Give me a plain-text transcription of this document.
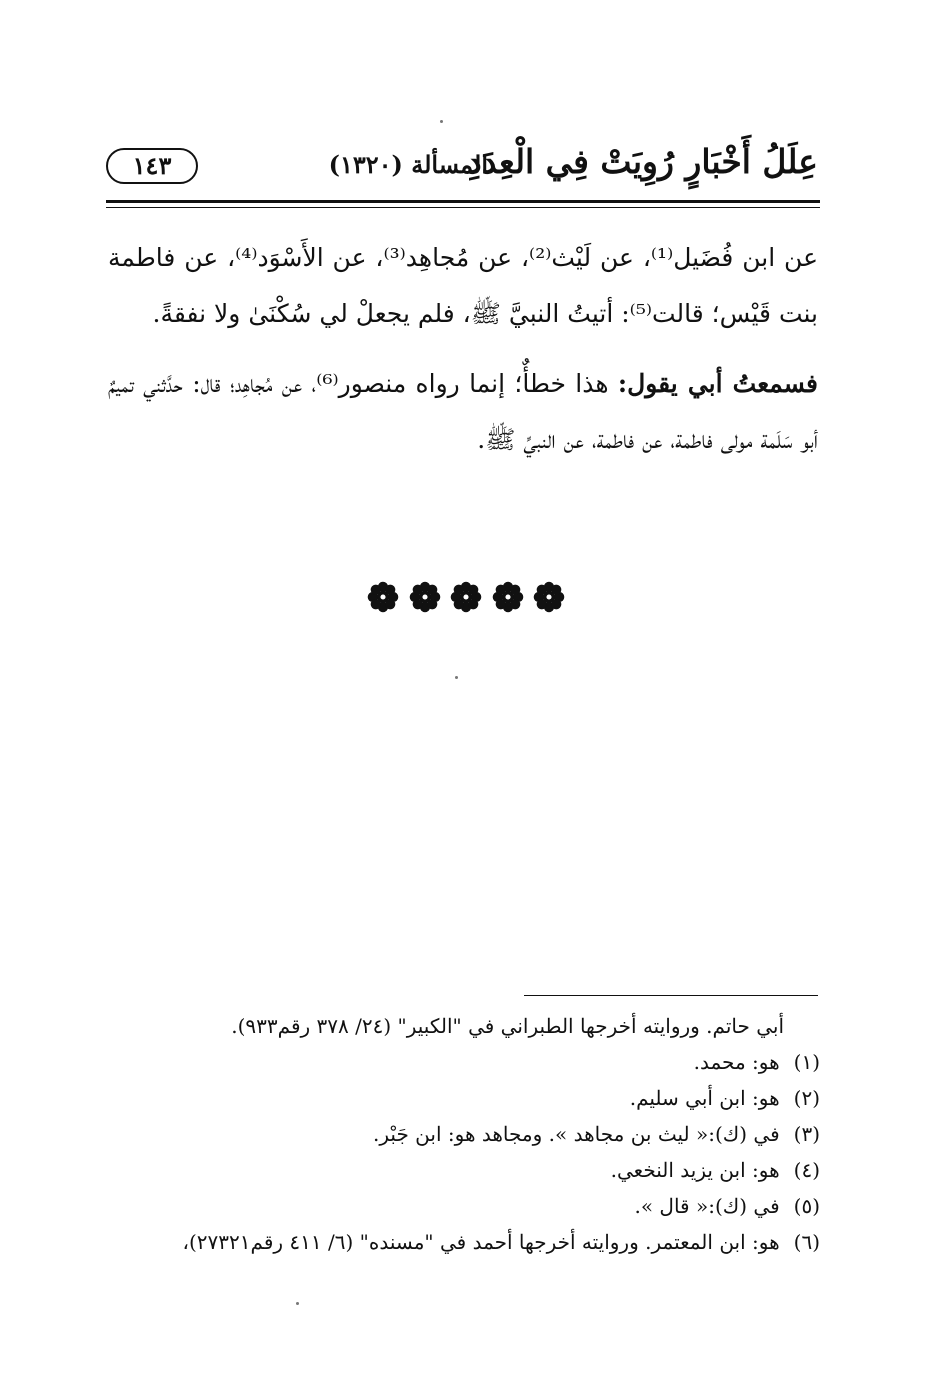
عِلَلُ أَخْبَارٍ رُوِيَتْ فِي الْعِدَدِ
المسألة (١٣٢٠)
١٤٣

عن ابن فُضَيل⁽¹⁾، عن لَيْث⁽²⁾، عن مُجاهِد⁽³⁾، عن الأَسْوَد⁽⁴⁾، عن فاطمة بنت قَيْس؛ قالت⁽⁵⁾: أتيتُ النبيَّ ﷺ، فلم يجعلْ لي سُكْنَىٰ ولا نفقةً.

فسمعتُ أبي يقول: هذا خطأٌ؛ إنما رواه منصور⁽⁶⁾، عن مُجاهِد؛ قال: حدَّثني تميمٌ أبو سَلَمة مولى فاطمة، عن فاطمة، عن النبيِّ ﷺ.

أبي حاتم. وروايته أخرجها الطبراني في "الكبير" (٢٤/ ٣٧٨ رقم٩٣٣).
(١) هو: محمد.
(٢) هو: ابن أبي سليم.
(٣) في (ك):« ليث بن مجاهد ». ومجاهد هو: ابن جَبْر.
(٤) هو: ابن يزيد النخعي.
(٥) في (ك):« قال ».
(٦) هو: ابن المعتمر. وروايته أخرجها أحمد في "مسنده" (٦/ ٤١١ رقم٢٧٣٢١)،
